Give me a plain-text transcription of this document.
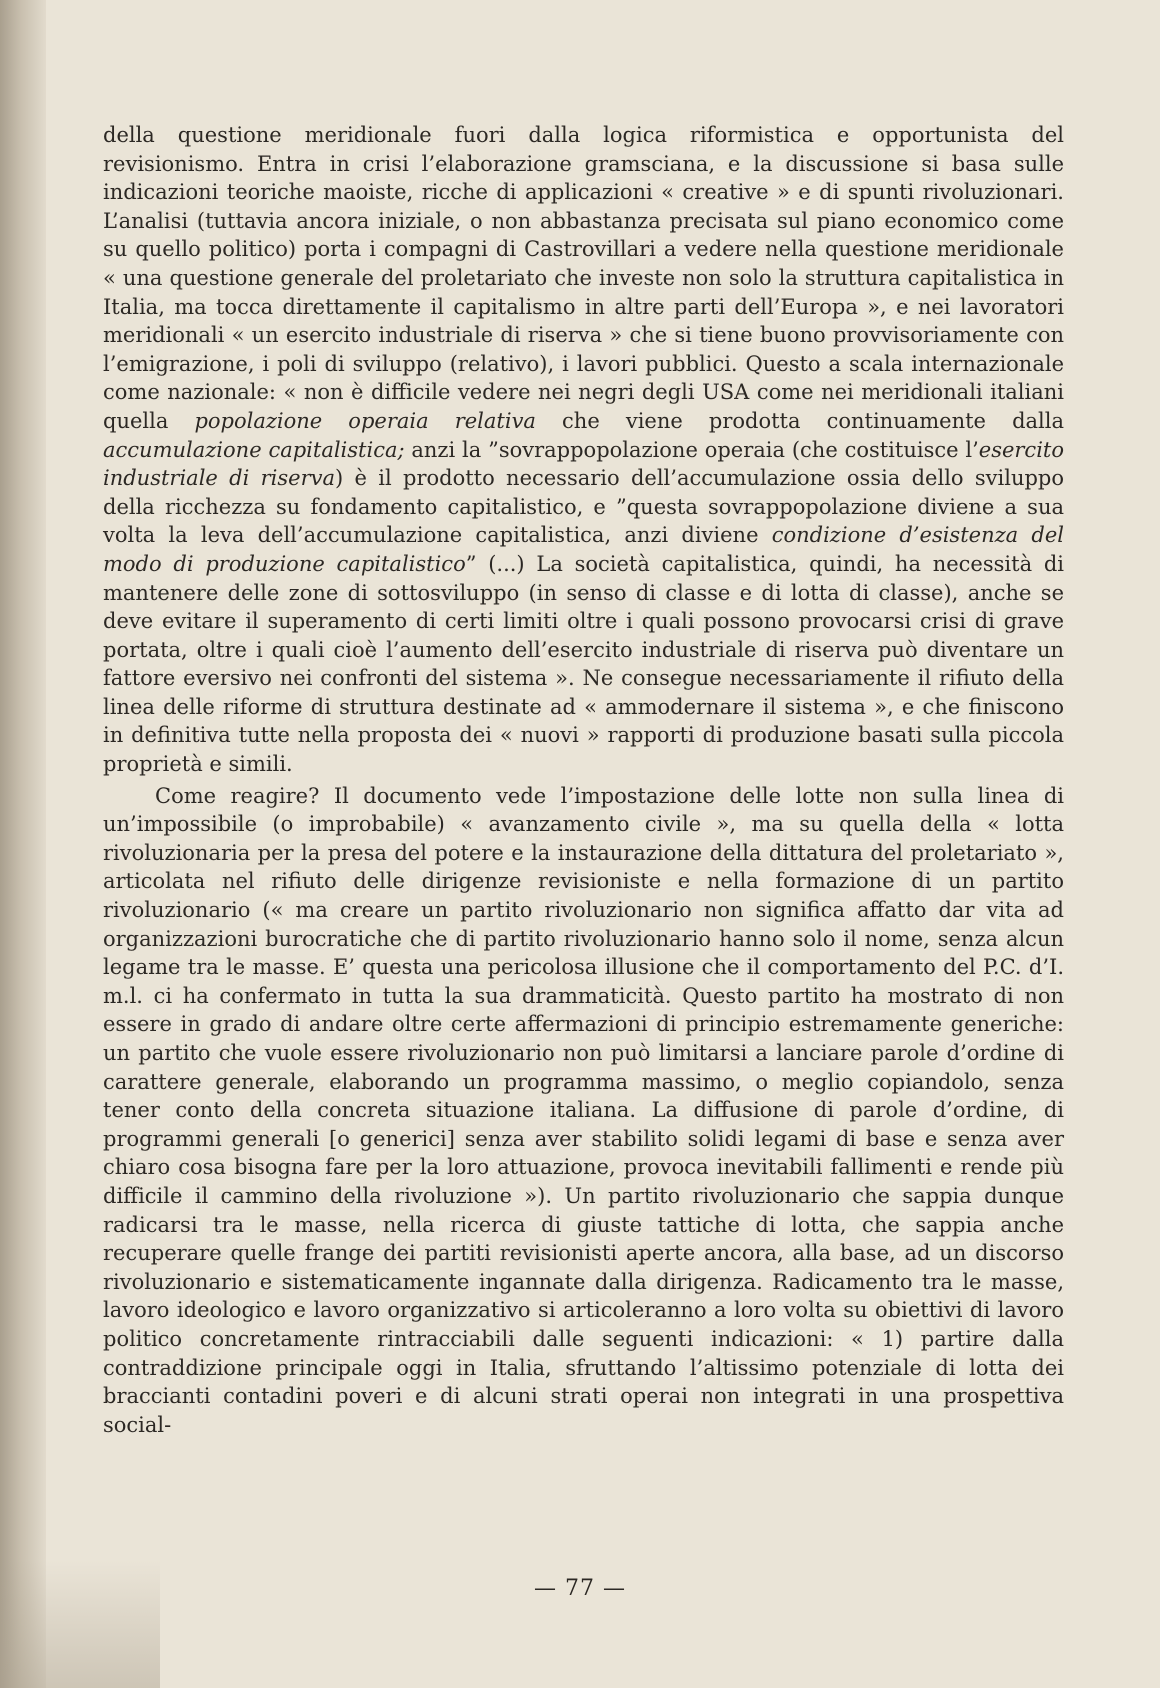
della questione meridionale fuori dalla logica riformistica e opportunista del revisionismo. Entra in crisi l’elaborazione gramsciana, e la discussione si basa sulle indicazioni teoriche maoiste, ricche di applicazioni « creative » e di spunti rivoluzionari. L’analisi (tuttavia ancora iniziale, o non abbastanza precisata sul piano economico come su quello politico) porta i compagni di Castrovillari a vedere nella questione meridionale « una questione generale del proletariato che investe non solo la struttura capitalistica in Italia, ma tocca direttamente il capitalismo in altre parti dell’Europa », e nei lavoratori meridionali « un esercito industriale di riserva » che si tiene buono provvisoriamente con l’emigrazione, i poli di sviluppo (relativo), i lavori pubblici. Questo a scala internazionale come nazionale: « non è difficile vedere nei negri degli USA come nei meridionali italiani quella popolazione operaia relativa che viene prodotta continuamente dalla accumulazione capitalistica; anzi la ”sovrappopolazione operaia (che costituisce l’esercito industriale di riserva) è il prodotto necessario dell’accumulazione ossia dello sviluppo della ricchezza su fondamento capitalistico, e ”questa sovrappopolazione diviene a sua volta la leva dell’accumulazione capitalistica, anzi diviene condizione d’esistenza del modo di produzione capitalistico” (...) La società capitalistica, quindi, ha necessità di mantenere delle zone di sottosviluppo (in senso di classe e di lotta di classe), anche se deve evitare il superamento di certi limiti oltre i quali possono provocarsi crisi di grave portata, oltre i quali cioè l’aumento dell’esercito industriale di riserva può diventare un fattore eversivo nei confronti del sistema ». Ne consegue necessariamente il rifiuto della linea delle riforme di struttura destinate ad « ammodernare il sistema », e che finiscono in definitiva tutte nella proposta dei « nuovi » rapporti di produzione basati sulla piccola proprietà e simili.

Come reagire? Il documento vede l’impostazione delle lotte non sulla linea di un’impossibile (o improbabile) « avanzamento civile », ma su quella della « lotta rivoluzionaria per la presa del potere e la instaurazione della dittatura del proletariato », articolata nel rifiuto delle dirigenze revisioniste e nella formazione di un partito rivoluzionario (« ma creare un partito rivoluzionario non significa affatto dar vita ad organizzazioni burocratiche che di partito rivoluzionario hanno solo il nome, senza alcun legame tra le masse. E’ questa una pericolosa illusione che il comportamento del P.C. d’I. m.l. ci ha confermato in tutta la sua drammaticità. Questo partito ha mostrato di non essere in grado di andare oltre certe affermazioni di principio estremamente generiche: un partito che vuole essere rivoluzionario non può limitarsi a lanciare parole d’ordine di carattere generale, elaborando un programma massimo, o meglio copiandolo, senza tener conto della concreta situazione italiana. La diffusione di parole d’ordine, di programmi generali [o generici] senza aver stabilito solidi legami di base e senza aver chiaro cosa bisogna fare per la loro attuazione, provoca inevitabili fallimenti e rende più difficile il cammino della rivoluzione »). Un partito rivoluzionario che sappia dunque radicarsi tra le masse, nella ricerca di giuste tattiche di lotta, che sappia anche recuperare quelle frange dei partiti revisionisti aperte ancora, alla base, ad un discorso rivoluzionario e sistematicamente ingannate dalla dirigenza. Radicamento tra le masse, lavoro ideologico e lavoro organizzativo si articoleranno a loro volta su obiettivi di lavoro politico concretamente rintracciabili dalle seguenti indicazioni: « 1) partire dalla contraddizione principale oggi in Italia, sfruttando l’altissimo potenziale di lotta dei braccianti contadini poveri e di alcuni strati operai non integrati in una prospettiva social-

— 77 —
